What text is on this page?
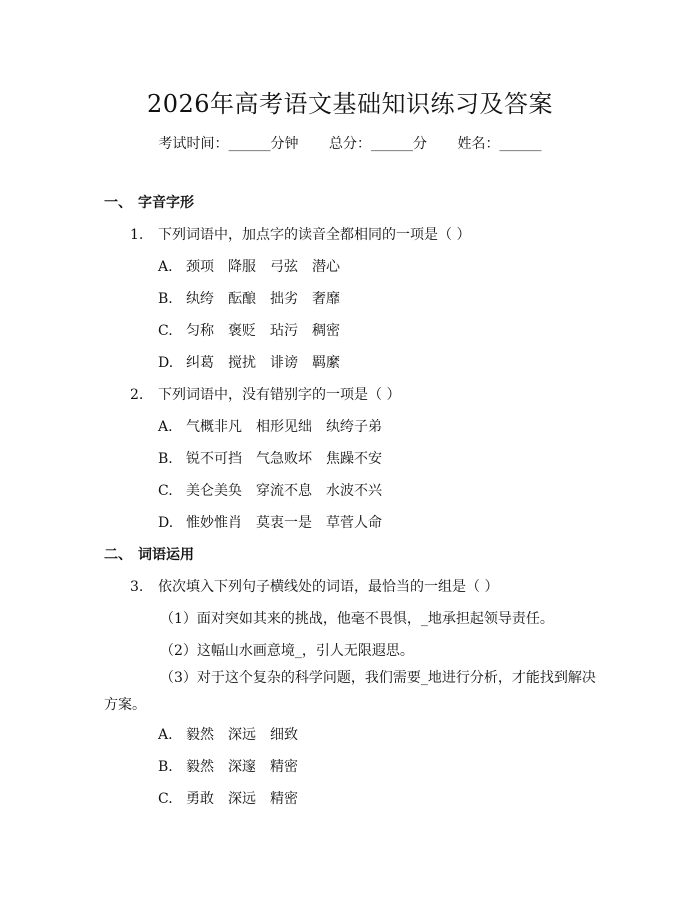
2026年高考语文基础知识练习及答案
考试时间：______分钟 总分：______分 姓名：______
一、 字音字形
1. 下列词语中，加点字的读音全都相同的一项是（ ）
A. 颈项 降服 弓弦 潜心
B. 纨绔 酝酿 拙劣 奢靡
C. 匀称 褒贬 玷污 稠密
D. 纠葛 搅扰 诽谤 羁縻
2. 下列词语中，没有错别字的一项是（ ）
A. 气概非凡 相形见绌 纨绔子弟
B. 锐不可挡 气急败坏 焦躁不安
C. 美仑美奂 穿流不息 水波不兴
D. 惟妙惟肖 莫衷一是 草菅人命
二、 词语运用
3. 依次填入下列句子横线处的词语，最恰当的一组是（ ）
（1）面对突如其来的挑战，他毫不畏惧，_地承担起领导责任。
（2）这幅山水画意境_，引人无限遐思。
（3）对于这个复杂的科学问题，我们需要_地进行分析，才能找到解决方案。
A. 毅然 深远 细致
B. 毅然 深邃 精密
C. 勇敢 深远 精密
